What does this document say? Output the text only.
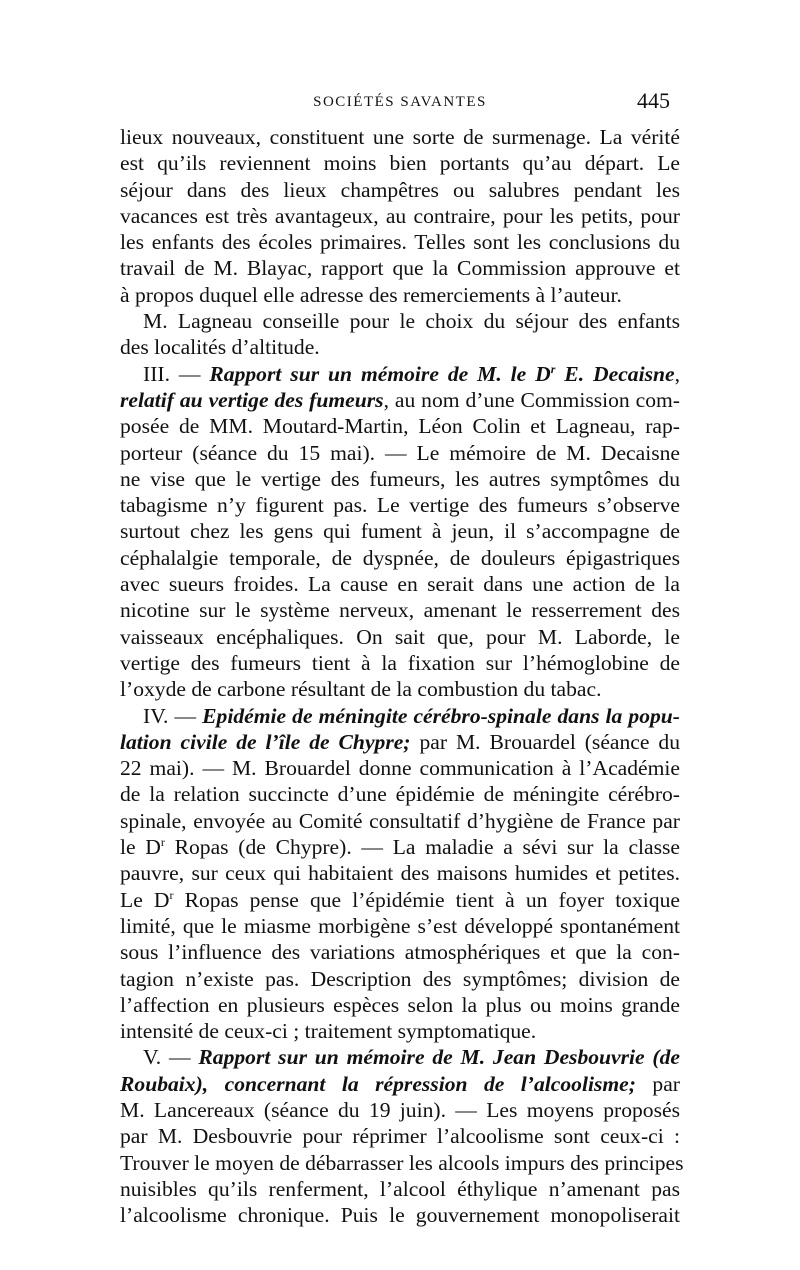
SOCIÉTÉS SAVANTES	445
lieux nouveaux, constituent une sorte de surmenage. La vérité
est qu’ils reviennent moins bien portants qu’au départ. Le
séjour dans des lieux champêtres ou salubres pendant les
vacances est très avantageux, au contraire, pour les petits, pour
les enfants des écoles primaires. Telles sont les conclusions du
travail de M. Blayac, rapport que la Commission approuve et
à propos duquel elle adresse des remerciements à l’auteur.
M. Lagneau conseille pour le choix du séjour des enfants
des localités d’altitude.
III. — Rapport sur un mémoire de M. le $D^r$ E. Decaisne,
relatif au vertige des fumeurs, au nom d’une Commission com-
posée de MM. Moutard-Martin, Léon Colin et Lagneau, rap-
porteur (séance du 15 mai). — Le mémoire de M. Decaisne
ne vise que le vertige des fumeurs, les autres symptômes du
tabagisme n’y figurent pas. Le vertige des fumeurs s’observe
surtout chez les gens qui fument à jeun, il s’accompagne de
céphalalgie temporale, de dyspnée, de douleurs épigastriques
avec sueurs froides. La cause en serait dans une action de la
nicotine sur le système nerveux, amenant le resserrement des
vaisseaux encéphaliques. On sait que, pour M. Laborde, le
vertige des fumeurs tient à la fixation sur l’hémoglobine de
l’oxyde de carbone résultant de la combustion du tabac.
IV. — Epidémie de méningite cérébro-spinale dans la popu-
lation civile de l’île de Chypre; par M. Brouardel (séance du
22 mai). — M. Brouardel donne communication à l’Académie
de la relation succincte d’une épidémie de méningite cérébro-
spinale, envoyée au Comité consultatif d’hygiène de France par
le $D^r$ Ropas (de Chypre). — La maladie a sévi sur la classe
pauvre, sur ceux qui habitaient des maisons humides et petites.
Le $D^r$ Ropas pense que l’épidémie tient à un foyer toxique
limité, que le miasme morbigène s’est développé spontanément
sous l’influence des variations atmosphériques et que la con-
tagion n’existe pas. Description des symptômes; division de
l’affection en plusieurs espèces selon la plus ou moins grande
intensité de ceux-ci ; traitement symptomatique.
V. — Rapport sur un mémoire de M. Jean Desbouvrie (de
Roubaix), concernant la répression de l’alcoolisme; par
M. Lancereaux (séance du 19 juin). — Les moyens proposés
par M. Desbouvrie pour réprimer l’alcoolisme sont ceux-ci :
Trouver le moyen de débarrasser les alcools impurs des principes
nuisibles qu’ils renferment, l’alcool éthylique n’amenant pas
l’alcoolisme chronique. Puis le gouvernement monopoliserait
